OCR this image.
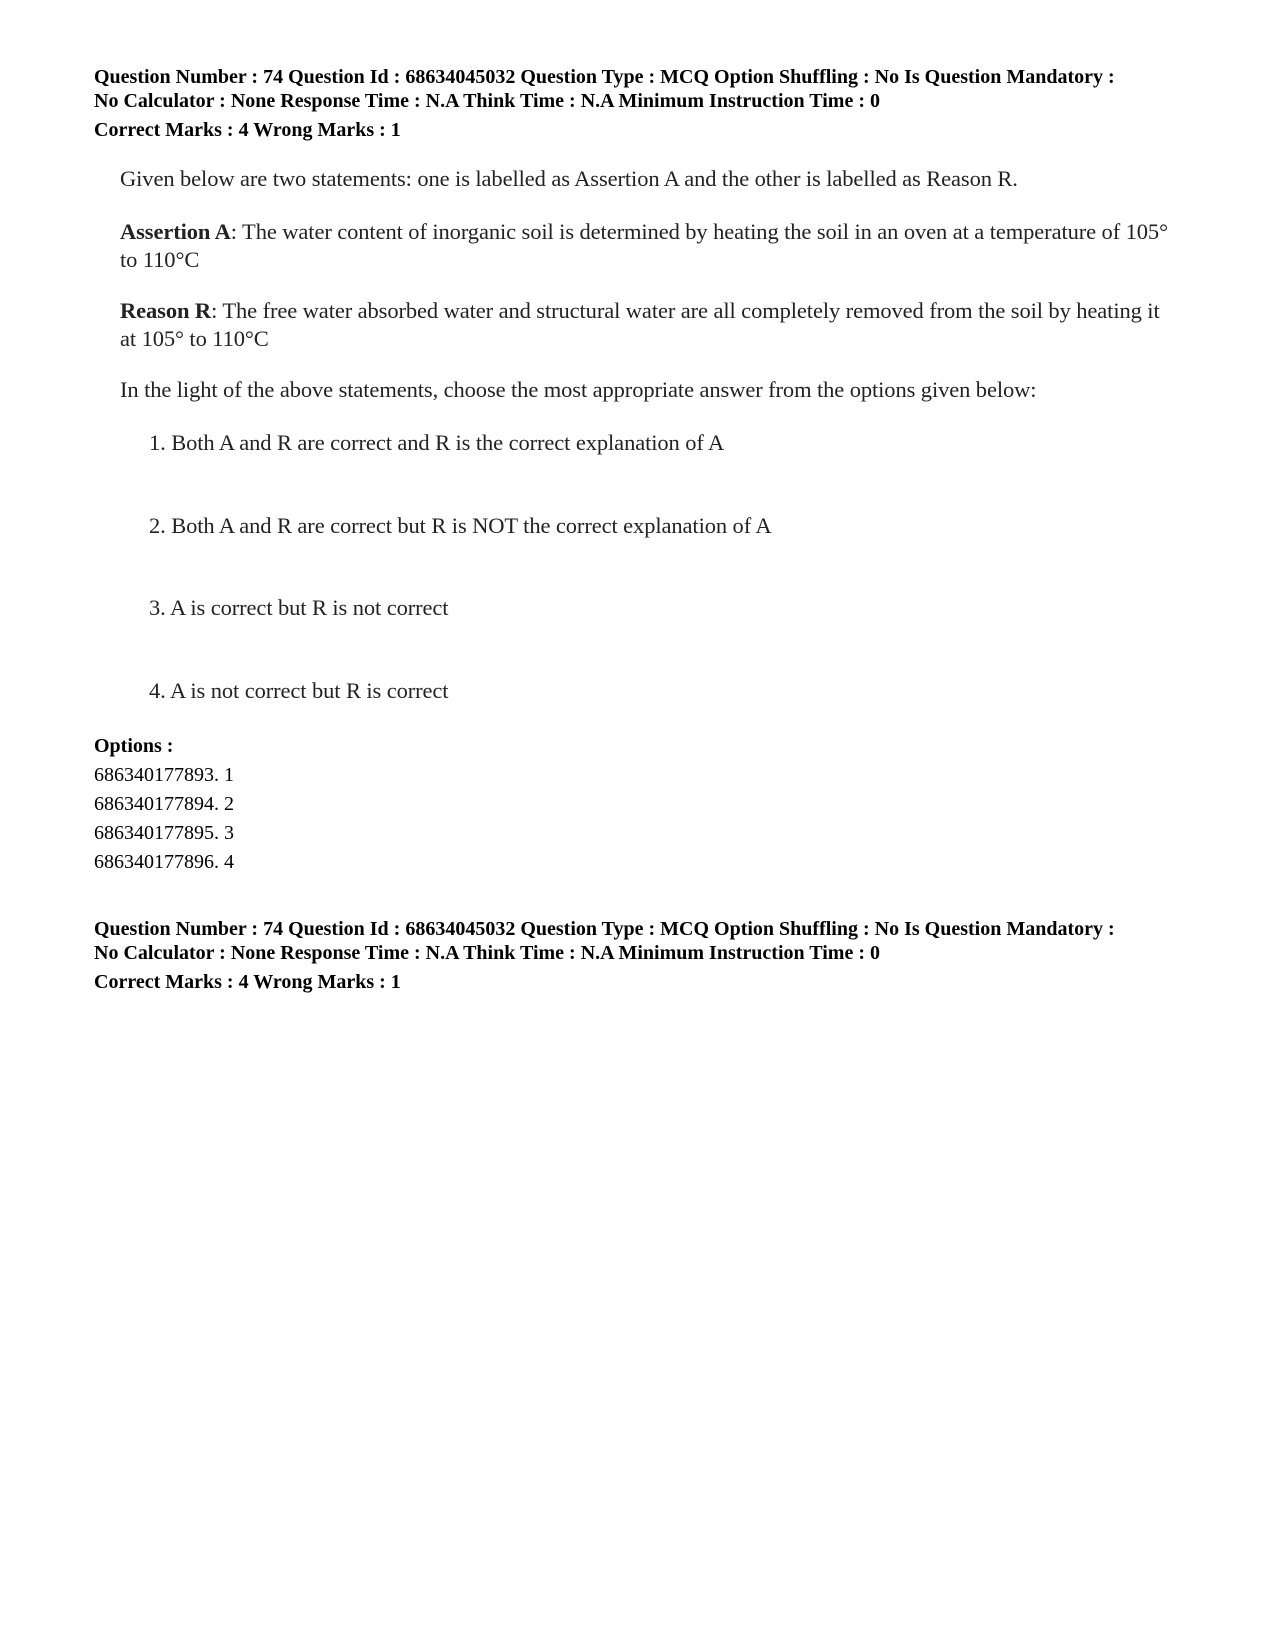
Question Number : 74 Question Id : 68634045032 Question Type : MCQ Option Shuffling : No Is Question Mandatory :
No Calculator : None Response Time : N.A Think Time : N.A Minimum Instruction Time : 0
Correct Marks : 4 Wrong Marks : 1

Given below are two statements: one is labelled as Assertion A and the other is labelled as Reason R.

Assertion A: The water content of inorganic soil is determined by heating the soil in an oven at a temperature of 105° to 110°C

Reason R: The free water absorbed water and structural water are all completely removed from the soil by heating it at 105° to 110°C

In the light of the above statements, choose the most appropriate answer from the options given below:

1. Both A and R are correct and R is the correct explanation of A

2. Both A and R are correct but R is NOT the correct explanation of A

3. A is correct but R is not correct

4. A is not correct but R is correct

Options :
686340177893. 1
686340177894. 2
686340177895. 3
686340177896. 4
Question Number : 74 Question Id : 68634045032 Question Type : MCQ Option Shuffling : No Is Question Mandatory :
No Calculator : None Response Time : N.A Think Time : N.A Minimum Instruction Time : 0
Correct Marks : 4 Wrong Marks : 1
